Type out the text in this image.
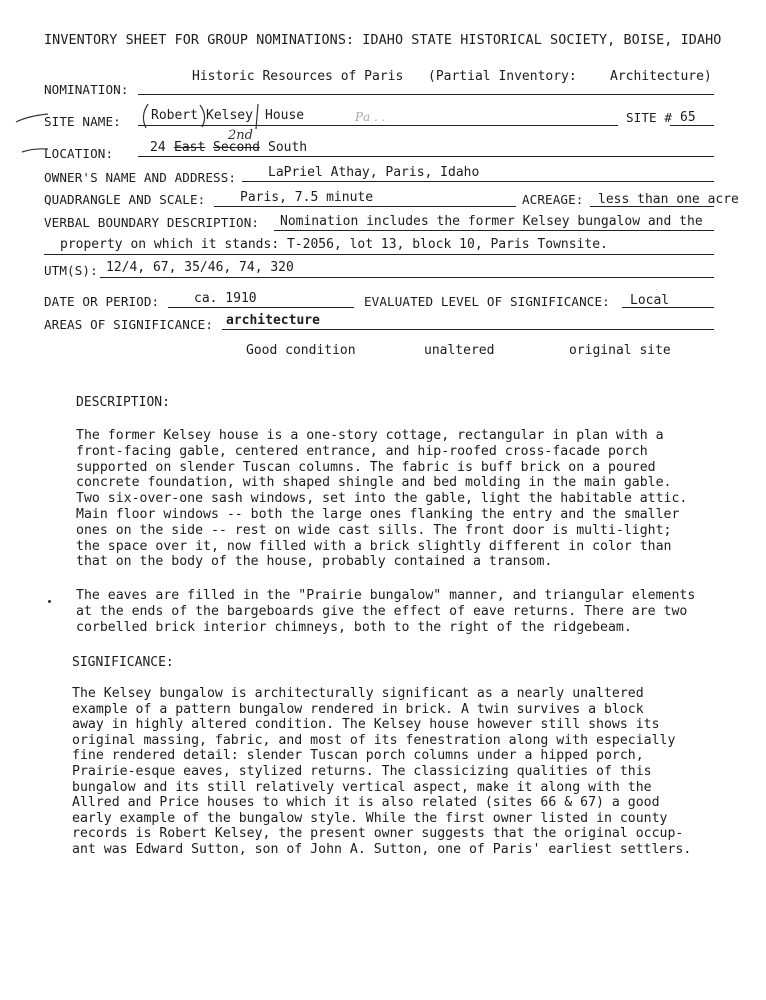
INVENTORY SHEET FOR GROUP NOMINATIONS: IDAHO STATE HISTORICAL SOCIETY, BOISE, IDAHO
NOMINATION:
Historic Resources of Paris (Partial Inventory:	Architecture)
SITE NAME: Robert Kelsey House	Ра . .	SITE # 65
LOCATION:	24 East Second
2nd
South
OWNER'S NAME AND ADDRESS: LaPriel Athay, Paris, Idaho
QUADRANGLE AND SCALE:	Paris, 7.5 minute	ACREAGE: less than one acre
VERBAL BOUNDARY DESCRIPTION: Nomination includes the former Kelsey bungalow and the
property on which it stands: T-2056, lot 13, block 10, Paris Townsite.
UTM(S): 12/4, 67, 35/46, 74, 320
DATE OR PERIOD:	ca. 1910	EVALUATED LEVEL OF SIGNIFICANCE: Local
AREAS OF SIGNIFICANCE: architecture
Good condition	unaltered	original site
DESCRIPTION:
The former Kelsey house is a one-story cottage, rectangular in plan with a
front-facing gable, centered entrance, and hip-roofed cross-facade porch
supported on slender Tuscan columns. The fabric is buff brick on a poured
concrete foundation, with shaped shingle and bed molding in the main gable.
Two six-over-one sash windows, set into the gable, light the habitable attic.
Main floor windows -- both the large ones flanking the entry and the smaller
ones on the side -- rest on wide cast sills. The front door is multi-light;
the space over it, now filled with a brick slightly different in color than
that on the body of the house, probably contained a transom.
The eaves are filled in the "Prairie bungalow" manner, and triangular elements
at the ends of the bargeboards give the effect of eave returns. There are two
corbelled brick interior chimneys, both to the right of the ridgebeam.
SIGNIFICANCE:
The Kelsey bungalow is architecturally significant as a nearly unaltered
example of a pattern bungalow rendered in brick. A twin survives a block
away in highly altered condition. The Kelsey house however still shows its
original massing, fabric, and most of its fenestration along with especially
fine rendered detail: slender Tuscan porch columns under a hipped porch,
Prairie-esque eaves, stylized returns. The classicizing qualities of this
bungalow and its still relatively vertical aspect, make it along with the
Allred and Price houses to which it is also related (sites 66 & 67) a good
early example of the bungalow style. While the first owner listed in county
records is Robert Kelsey, the present owner suggests that the original occup-
ant was Edward Sutton, son of John A. Sutton, one of Paris' earliest settlers.
